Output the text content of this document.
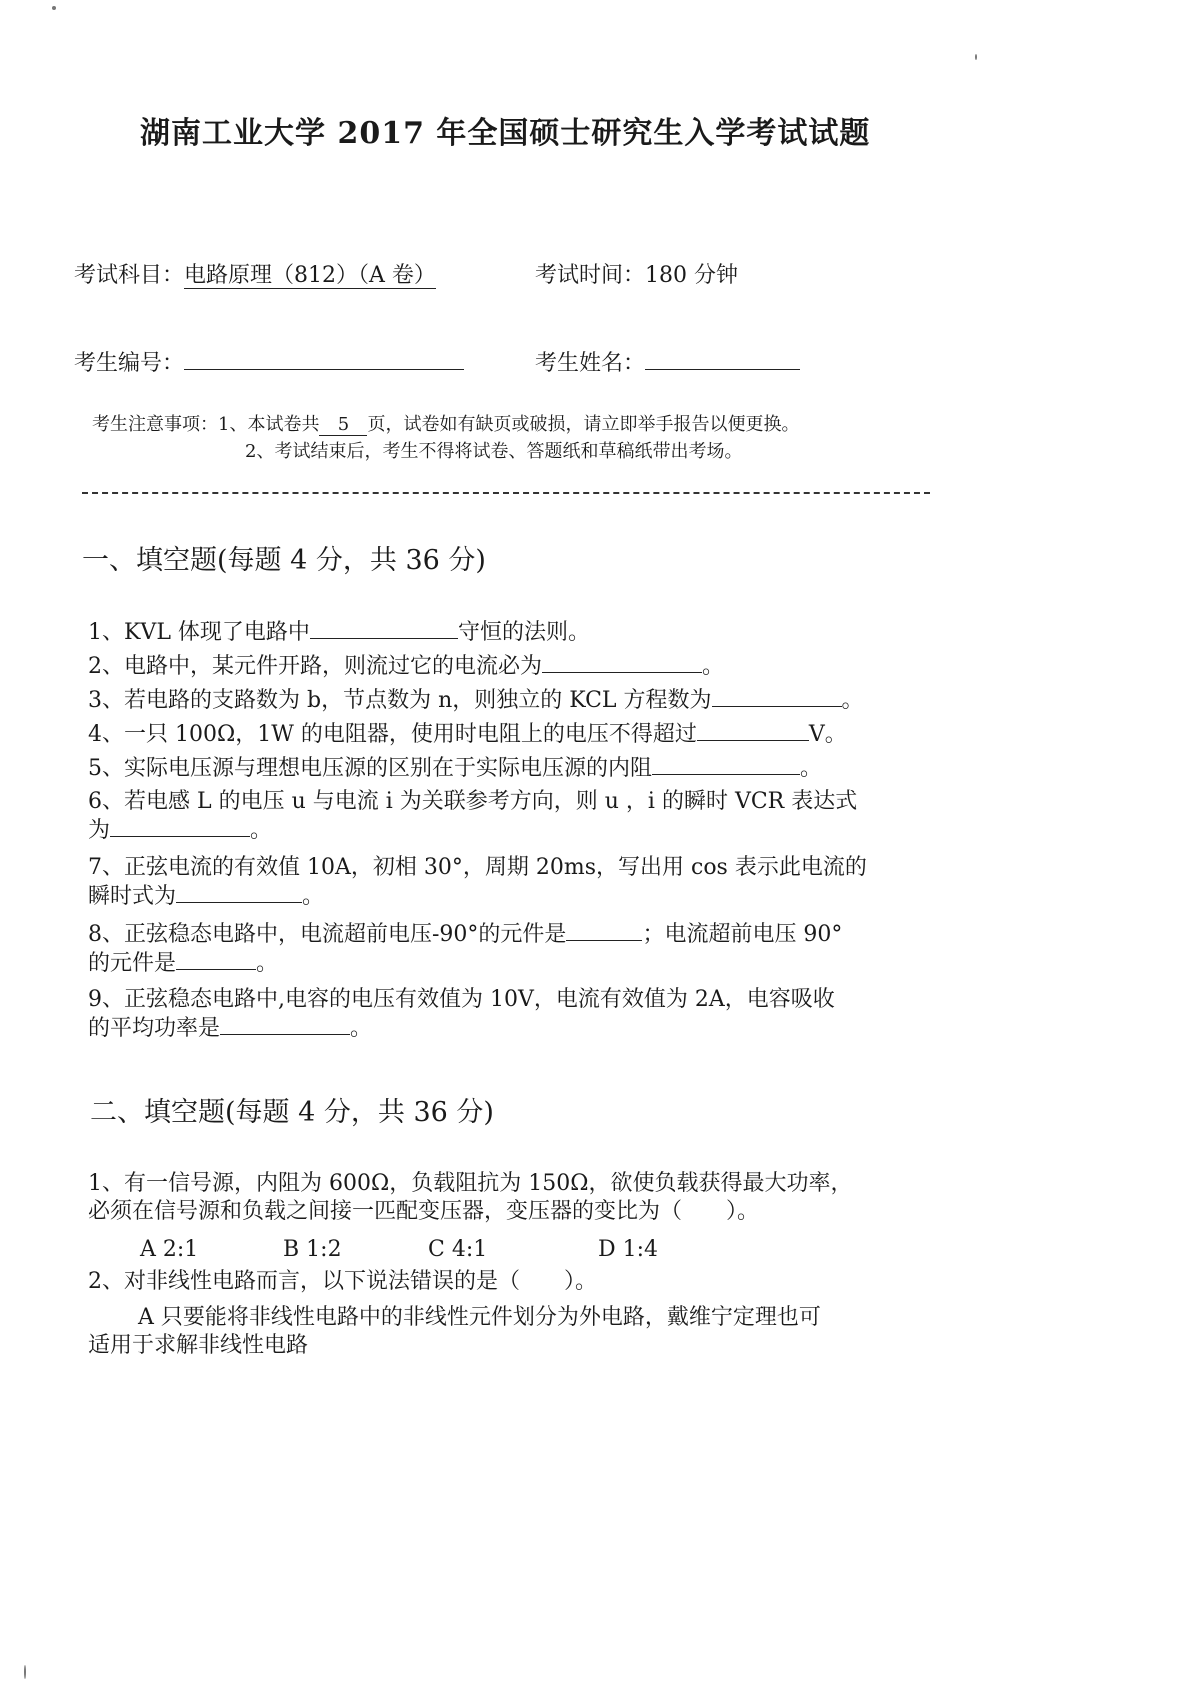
湖南工业大学 2017 年全国硕士研究生入学考试试题
考试科目：电路原理（812）（A 卷）	考试时间：180 分钟
考生编号：	考生姓名：
考生注意事项：1、本试卷共 5 页，试卷如有缺页或破损，请立即举手报告以便更换。
2、考试结束后，考生不得将试卷、答题纸和草稿纸带出考场。
一、填空题(每题 4 分，共 36 分)
1、KVL 体现了电路中	守恒的法则。
2、电路中，某元件开路，则流过它的电流必为	。
3、若电路的支路数为 b，节点数为 n，则独立的 KCL 方程数为	。
4、一只 100Ω，1W 的电阻器，使用时电阻上的电压不得超过	V。
5、实际电压源与理想电压源的区别在于实际电压源的内阻	。
6、若电感 L 的电压 u 与电流 i 为关联参考方向，则 u ，i 的瞬时 VCR 表达式
为	。
7、正弦电流的有效值 10A，初相 30°，周期 20ms，写出用 cos 表示此电流的
瞬时式为	。
8、正弦稳态电路中，电流超前电压-90°的元件是	；电流超前电压 90°
的元件是	。
9、正弦稳态电路中,电容的电压有效值为 10V，电流有效值为 2A，电容吸收
的平均功率是	。
二、填空题(每题 4 分，共 36 分)
1、有一信号源，内阻为 600Ω，负载阻抗为 150Ω，欲使负载获得最大功率，
必须在信号源和负载之间接一匹配变压器，变压器的变比为（　　）。
A 2:1	B 1:2	C 4:1	D 1:4
2、对非线性电路而言，以下说法错误的是（　　）。
A 只要能将非线性电路中的非线性元件划分为外电路，戴维宁定理也可
适用于求解非线性电路
